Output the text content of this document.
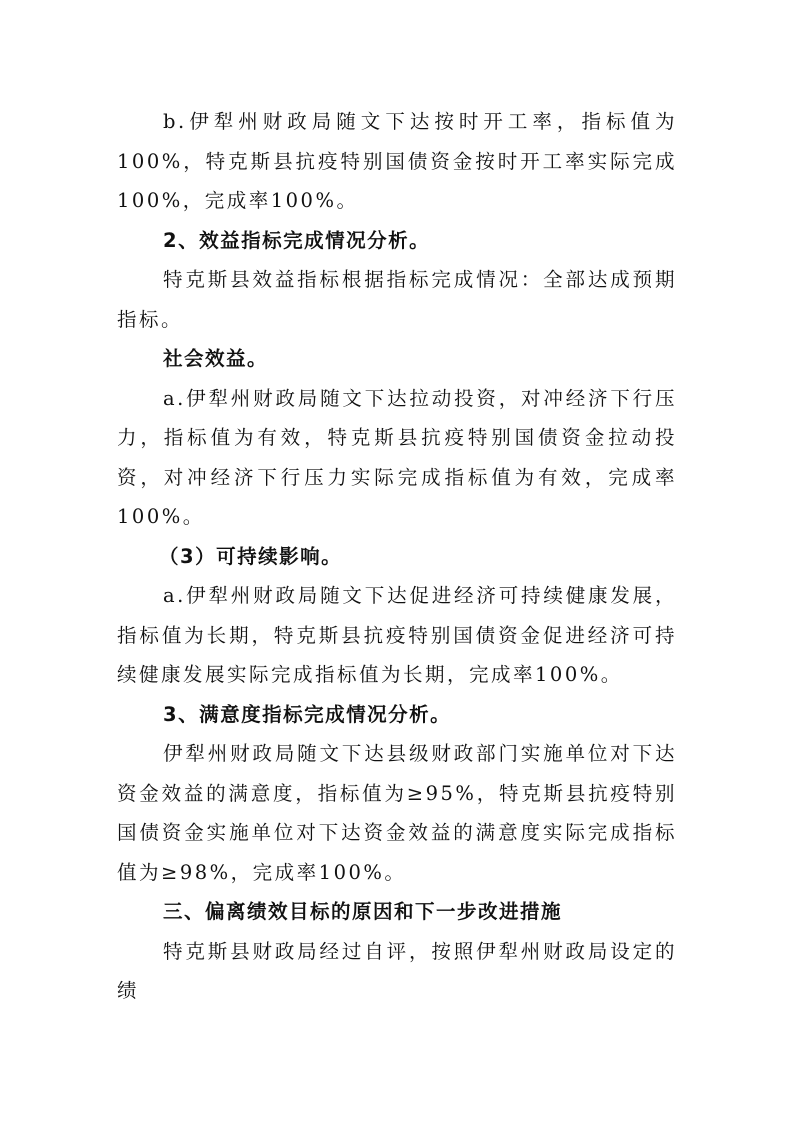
b.伊犁州财政局随文下达按时开工率，指标值为100%，特克斯县抗疫特别国债资金按时开工率实际完成100%，完成率100%。

2、效益指标完成情况分析。

特克斯县效益指标根据指标完成情况：全部达成预期指标。

社会效益。

a.伊犁州财政局随文下达拉动投资，对冲经济下行压力，指标值为有效，特克斯县抗疫特别国债资金拉动投资，对冲经济下行压力实际完成指标值为有效，完成率100%。

（3）可持续影响。

a.伊犁州财政局随文下达促进经济可持续健康发展，指标值为长期，特克斯县抗疫特别国债资金促进经济可持续健康发展实际完成指标值为长期，完成率100%。

3、满意度指标完成情况分析。

伊犁州财政局随文下达县级财政部门实施单位对下达资金效益的满意度，指标值为≥95%，特克斯县抗疫特别国债资金实施单位对下达资金效益的满意度实际完成指标值为≥98%，完成率100%。

三、偏离绩效目标的原因和下一步改进措施

特克斯县财政局经过自评，按照伊犁州财政局设定的绩
